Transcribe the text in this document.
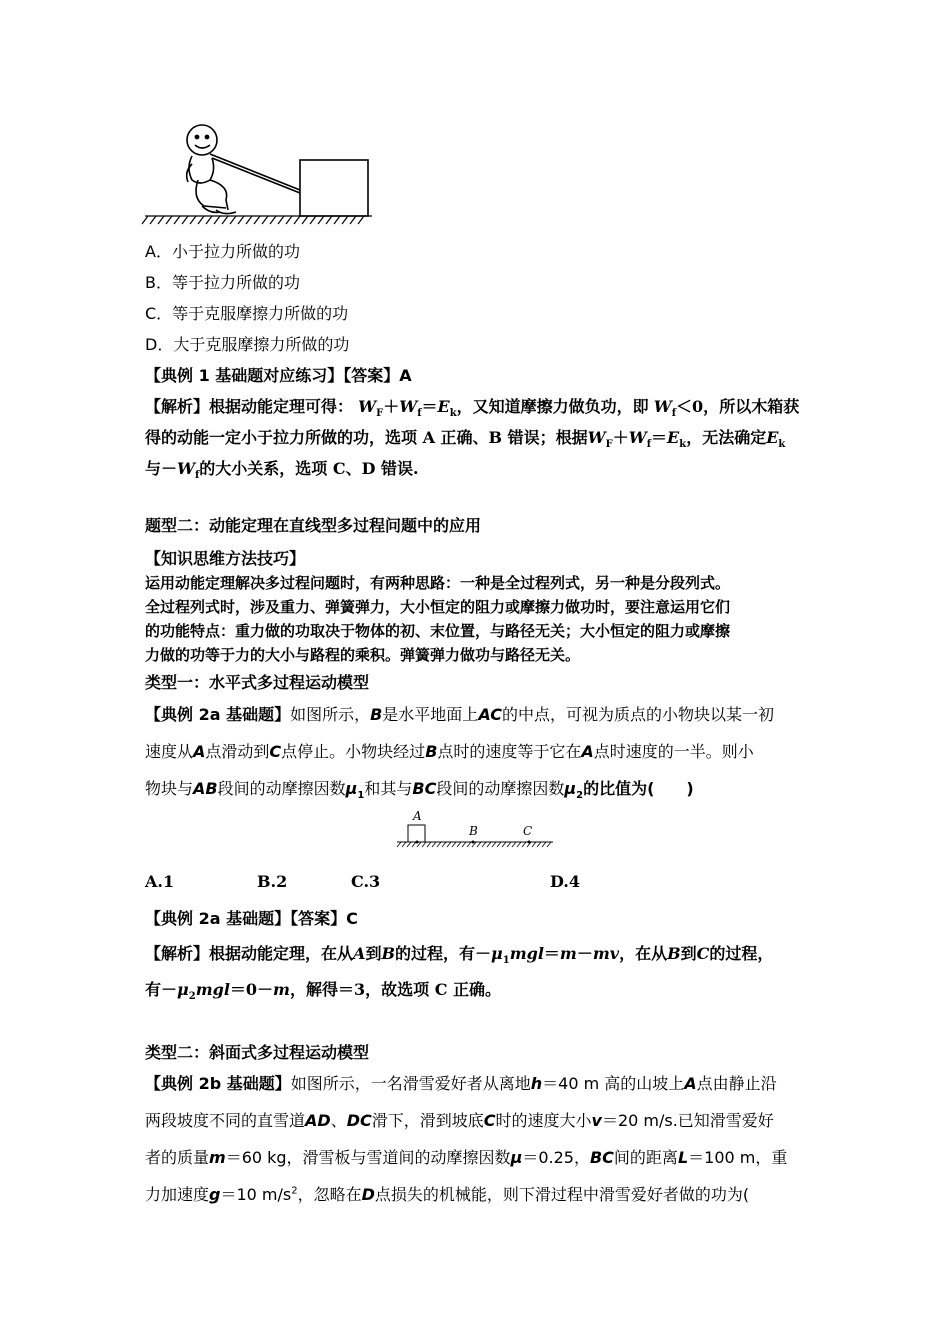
A．小于拉力所做的功
B．等于拉力所做的功
C．等于克服摩擦力所做的功
D．大于克服摩擦力所做的功
【典例 1 基础题对应练习】【答案】A
【解析】根据动能定理可得： $W_F+W_f=E_k$，又知道摩擦力做负功，即 $W_f<0$，所以木箱获
得的动能一定小于拉力所做的功，选项 A 正确、B 错误；根据$W_F+W_f=E_k$，无法确定$E_k$
与$-W_f$的大小关系，选项 C、D 错误.
题型二：动能定理在直线型多过程问题中的应用
【知识思维方法技巧】
运用动能定理解决多过程问题时，有两种思路：一种是全过程列式，另一种是分段列式。
全过程列式时，涉及重力、弹簧弹力，大小恒定的阻力或摩擦力做功时，要注意运用它们
的功能特点：重力做的功取决于物体的初、末位置，与路径无关；大小恒定的阻力或摩擦
力做的功等于力的大小与路程的乘积。弹簧弹力做功与路径无关。
类型一：水平式多过程运动模型
【典例 2a 基础题】如图所示，B是水平地面上AC的中点，可视为质点的小物块以某一初
速度从A点滑动到C点停止。小物块经过B点时的速度等于它在A点时速度的一半。则小
物块与AB段间的动摩擦因数$\mu_1$和其与BC段间的动摩擦因数$\mu_2$的比值为(　　)
A
B	C
A.1	B.2	C.3	D.4
【典例 2a 基础题】【答案】C
【解析】根据动能定理，在从A到B的过程，有$-\mu_1mgl=m-mv$，在从B到C的过程，
有$-\mu_2mgl=0-m$，解得＝3，故选项 C 正确。
类型二：斜面式多过程运动模型
【典例 2b 基础题】如图所示，一名滑雪爱好者从离地h＝40 m 高的山坡上A点由静止沿
两段坡度不同的直雪道AD、DC滑下，滑到坡底C时的速度大小v＝20 m/s.已知滑雪爱好
者的质量m＝60 kg，滑雪板与雪道间的动摩擦因数μ＝0.25，BC间的距离L＝100 m，重
力加速度g＝10 $m/s^2$，忽略在D点损失的机械能，则下滑过程中滑雪爱好者做的功为(
